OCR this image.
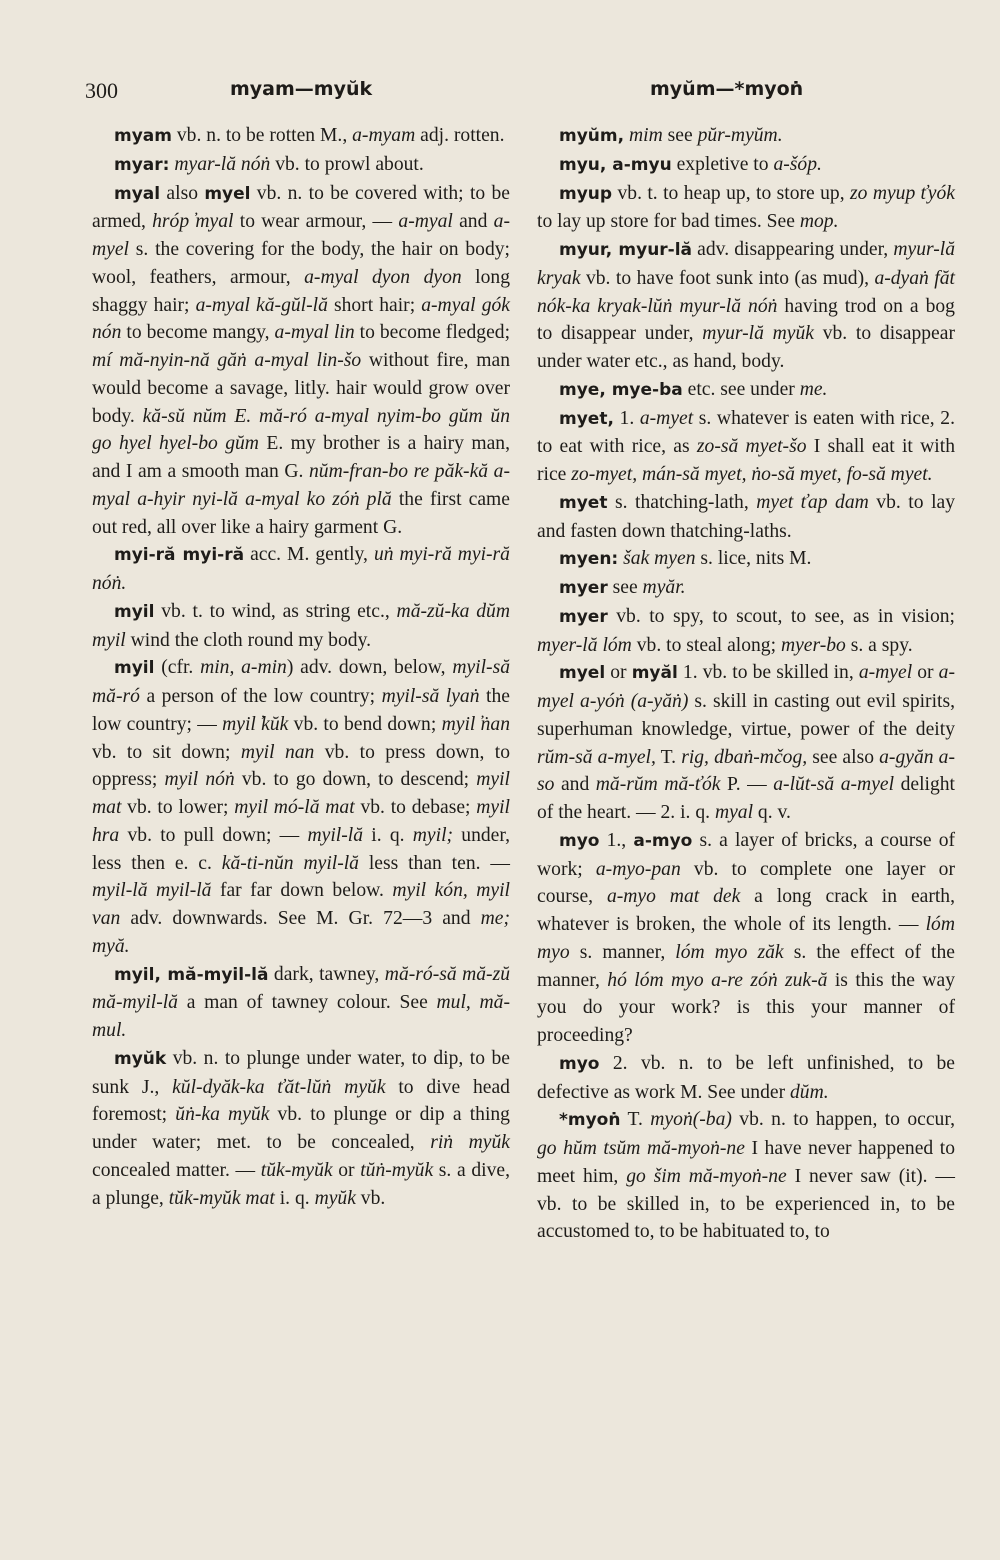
300	myam—myŭk	myŭm—*myoṅ

myam vb. n. to be rotten M., a-myam adj. rotten.

myar: myar-lă nóṅ vb. to prowl about.

myal also myel vb. n. to be covered with; to be armed, hróp ̓myal to wear armour, — a-myal and a-myel s. the covering for the body, the hair on body; wool, feathers, armour, a-myal dyon dyon long shaggy hair; a-myal kă-gŭl-lă short hair; a-myal gók nón to become mangy, a-myal lin to become fledged; mí mă-nyin-nă găṅ a-myal lin-šo without fire, man would become a savage, litly. hair would grow over body. kă-sŭ nŭm E. mă-ró a-myal nyim-bo gŭm ŭn go hyel hyel-bo gŭm E. my brother is a hairy man, and I am a smooth man G. nŭm-fran-bo re păk-kă a-myal a-hyir nyi-lă a-myal ko zóṅ plă the first came out red, all over like a hairy garment G.

myi-ră myi-ră acc. M. gently, uṅ myi-ră myi-ră nóṅ.

myil vb. t. to wind, as string etc., mă-zŭ-ka dŭm myil wind the cloth round my body.

myil (cfr. min, a-min) adv. down, below, myil-să mă-ró a person of the low country; myil-să lyaṅ the low country; — myil ̓kŭk vb. to bend down; myil ̓ṅan vb. to sit down; myil nan vb. to press down, to oppress; myil nóṅ vb. to go down, to descend; myil mat vb. to lower; myil mó-lă mat vb. to debase; myil hra vb. to pull down; — myil-lă i. q. myil; under, less then e. c. kă-ti-nŭn myil-lă less than ten. — myil-lă myil-lă far far down below. myil kón, myil van adv. downwards. See M. Gr. 72—3 and me; myă.

myil, mă-myil-lă dark, tawney, mă-ró-să mă-zŭ mă-myil-lă a man of tawney colour. See mul, mă-mul.

myŭk vb. n. to plunge under water, to dip, to be sunk J., kŭl-dyăk-ka ťăt-lŭṅ myŭk to dive head foremost; ŭṅ-ka myŭk vb. to plunge or dip a thing under water; met. to be concealed, riṅ myŭk concealed matter. — tŭk-myŭk or tŭṅ-myŭk s. a dive, a plunge, tŭk-myŭk mat i. q. myŭk vb.

myŭm, mim see pŭr-myŭm.

myu, a-myu expletive to a-šóp.

myup vb. t. to heap up, to store up, zo myup ťyók to lay up store for bad times. See mop.

myur, myur-lă adv. disappearing under, myur-lă kryak vb. to have foot sunk into (as mud), a-dyaṅ făt nók-ka kryak-lŭṅ myur-lă nóṅ having trod on a bog to disappear under, myur-lă myŭk vb. to disappear under water etc., as hand, body.

mye, mye-ba etc. see under me.

myet, 1. a-myet s. whatever is eaten with rice, 2. to eat with rice, as zo-să myet-šo I shall eat it with rice zo-myet, mán-să myet, ṅo-să myet, fo-să myet.

myet s. thatching-lath, myet ťap dam vb. to lay and fasten down thatching-laths.

myen: šak myen s. lice, nits M.

myer see myăr.

myer vb. to spy, to scout, to see, as in vision; myer-lă lóm vb. to steal along; myer-bo s. a spy.

myel or myăl 1. vb. to be skilled in, a-myel or a-myel a-yóṅ (a-yăṅ) s. skill in casting out evil spirits, superhuman knowledge, virtue, power of the deity rŭm-să a-myel, T. rig, dbaṅ-mčog, see also a-gyăn a-so and mă-rŭm mă-ťók P. — a-lŭt-să a-myel delight of the heart. — 2. i. q. myal q. v.

myo 1., a-myo s. a layer of bricks, a course of work; a-myo-pan vb. to complete one layer or course, a-myo mat dek a long crack in earth, whatever is broken, the whole of its length. — lóm myo s. manner, lóm myo zăk s. the effect of the manner, hó lóm myo a-re zóṅ zuk-ă is this the way you do your work? is this your manner of proceeding?

myo 2. vb. n. to be left unfinished, to be defective as work M. See under dŭm.

*myoṅ T. myoṅ(-ba) vb. n. to happen, to occur, go hŭm tsŭm mă-myoṅ-ne I have never happened to meet him, go šim mă-myoṅ-ne I never saw (it). — vb. to be skilled in, to be experienced in, to be accustomed to, to be habituated to, to
